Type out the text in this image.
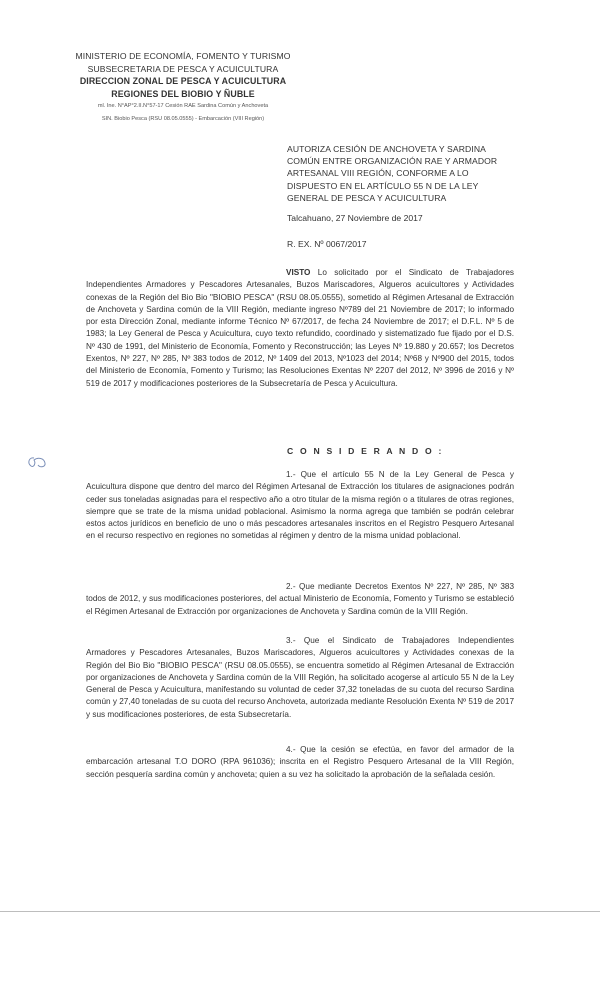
MINISTERIO DE ECONOMÍA, FOMENTO Y TURISMO
SUBSECRETARIA DE PESCA Y ACUICULTURA
DIRECCION ZONAL DE PESCA Y ACUICULTURA
REGIONES DEL BIOBIO Y ÑUBLE
ml. Ine. N°AP°2.II.N°57-17 Cesión RAE Sardina Común y Anchoveta
SIN. Biobio Pesca (RSU 08.05.0555) - Embarcación (VIII Región)
AUTORIZA CESIÓN DE ANCHOVETA Y SARDINA COMÚN ENTRE ORGANIZACIÓN RAE Y ARMADOR ARTESANAL VIII REGIÓN, CONFORME A LO DISPUESTO EN EL ARTÍCULO 55 N DE LA LEY GENERAL DE PESCA Y ACUICULTURA
Talcahuano, 27 Noviembre de 2017
R. EX. Nº 0067/2017
VISTO Lo solicitado por el Sindicato de Trabajadores Independientes Armadores y Pescadores Artesanales, Buzos Mariscadores, Algueros acuicultores y Actividades conexas de la Región del Bio Bio "BIOBIO PESCA" (RSU 08.05.0555), sometido al Régimen Artesanal de Extracción de Anchoveta y Sardina común de la VIII Región, mediante ingreso Nº789 del 21 Noviembre de 2017; lo informado por esta Dirección Zonal, mediante informe Técnico Nº 67/2017, de fecha 24 Noviembre de 2017; el D.F.L. Nº 5 de 1983; la Ley General de Pesca y Acuicultura, cuyo texto refundido, coordinado y sistematizado fue fijado por el D.S. Nº 430 de 1991, del Ministerio de Economía, Fomento y Reconstrucción; las Leyes Nº 19.880 y 20.657; los Decretos Exentos, Nº 227, Nº 285, Nº 383 todos de 2012, Nº 1409 del 2013, Nº1023 del 2014; Nº68 y Nº900 del 2015, todos del Ministerio de Economía, Fomento y Turismo; las Resoluciones Exentas Nº 2207 del 2012, Nº 3996 de 2016 y Nº 519 de 2017 y modificaciones posteriores de la Subsecretaría de Pesca y Acuicultura.
C O N S I D E R A N D O :
1.- Que el artículo 55 N de la Ley General de Pesca y Acuicultura dispone que dentro del marco del Régimen Artesanal de Extracción los titulares de asignaciones podrán ceder sus toneladas asignadas para el respectivo año a otro titular de la misma región o a titulares de otras regiones, siempre que se trate de la misma unidad poblacional. Asimismo la norma agrega que también se podrán celebrar estos actos jurídicos en beneficio de uno o más pescadores artesanales inscritos en el Registro Pesquero Artesanal en el recurso respectivo en regiones no sometidas al régimen y dentro de la misma unidad poblacional.
2.- Que mediante Decretos Exentos Nº 227, Nº 285, Nº 383 todos de 2012, y sus modificaciones posteriores, del actual Ministerio de Economía, Fomento y Turismo se estableció el Régimen Artesanal de Extracción por organizaciones de Anchoveta y Sardina común de la VIII Región.
3.- Que el Sindicato de Trabajadores Independientes Armadores y Pescadores Artesanales, Buzos Mariscadores, Algueros acuicultores y Actividades conexas de la Región del Bio Bio "BIOBIO PESCA" (RSU 08.05.0555), se encuentra sometido al Régimen Artesanal de Extracción por organizaciones de Anchoveta y Sardina común de la VIII Región, ha solicitado acogerse al artículo 55 N de la Ley General de Pesca y Acuicultura, manifestando su voluntad de ceder 37,32 toneladas de su cuota del recurso Sardina común y 27,40 toneladas de su cuota del recurso Anchoveta, autorizada mediante Resolución Exenta Nº 519 de 2017 y sus modificaciones posteriores, de esta Subsecretaría.
4.- Que la cesión se efectúa, en favor del armador de la embarcación artesanal T.O DORO (RPA 961036); inscrita en el Registro Pesquero Artesanal de la VIII Región, sección pesquería sardina común y anchoveta; quien a su vez ha solicitado la aprobación de la señalada cesión.
